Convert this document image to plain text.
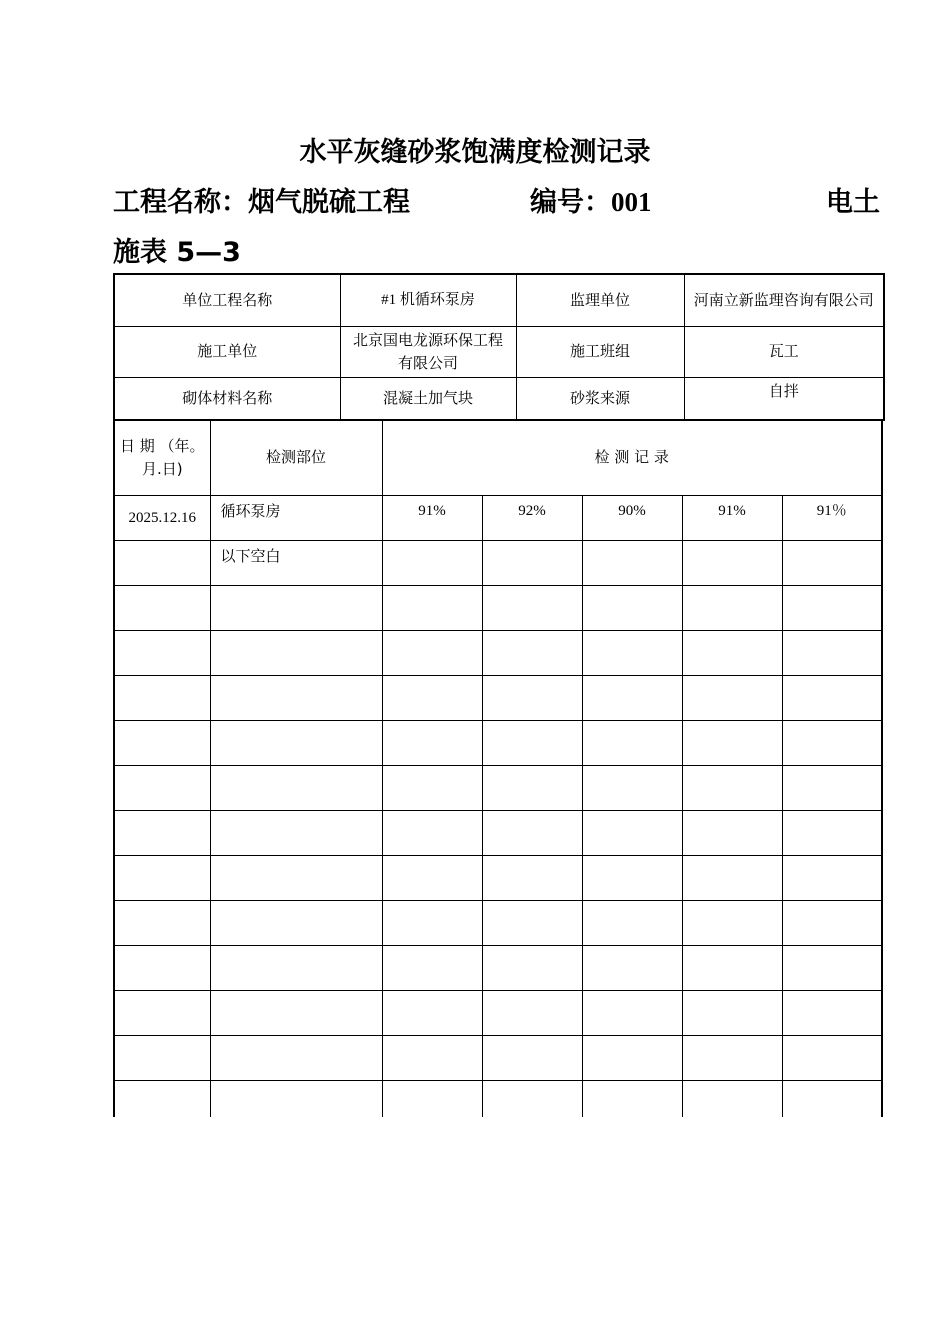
水平灰缝砂浆饱满度检测记录
工程名称：烟气脱硫工程	编号：001	电土
施表 5—3
单位工程名称	#1 机循环泵房	监理单位	河南立新监理咨询有限公司
施工单位	北京国电龙源环保工程有限公司	施工班组	瓦工
砌体材料名称	混凝土加气块	砂浆来源	自拌
日 期 （年。月.日)	检测部位	检 测 记 录				
2025.12.16	循环泵房	91%	92%	90%	91%	91％
	以下空白					
